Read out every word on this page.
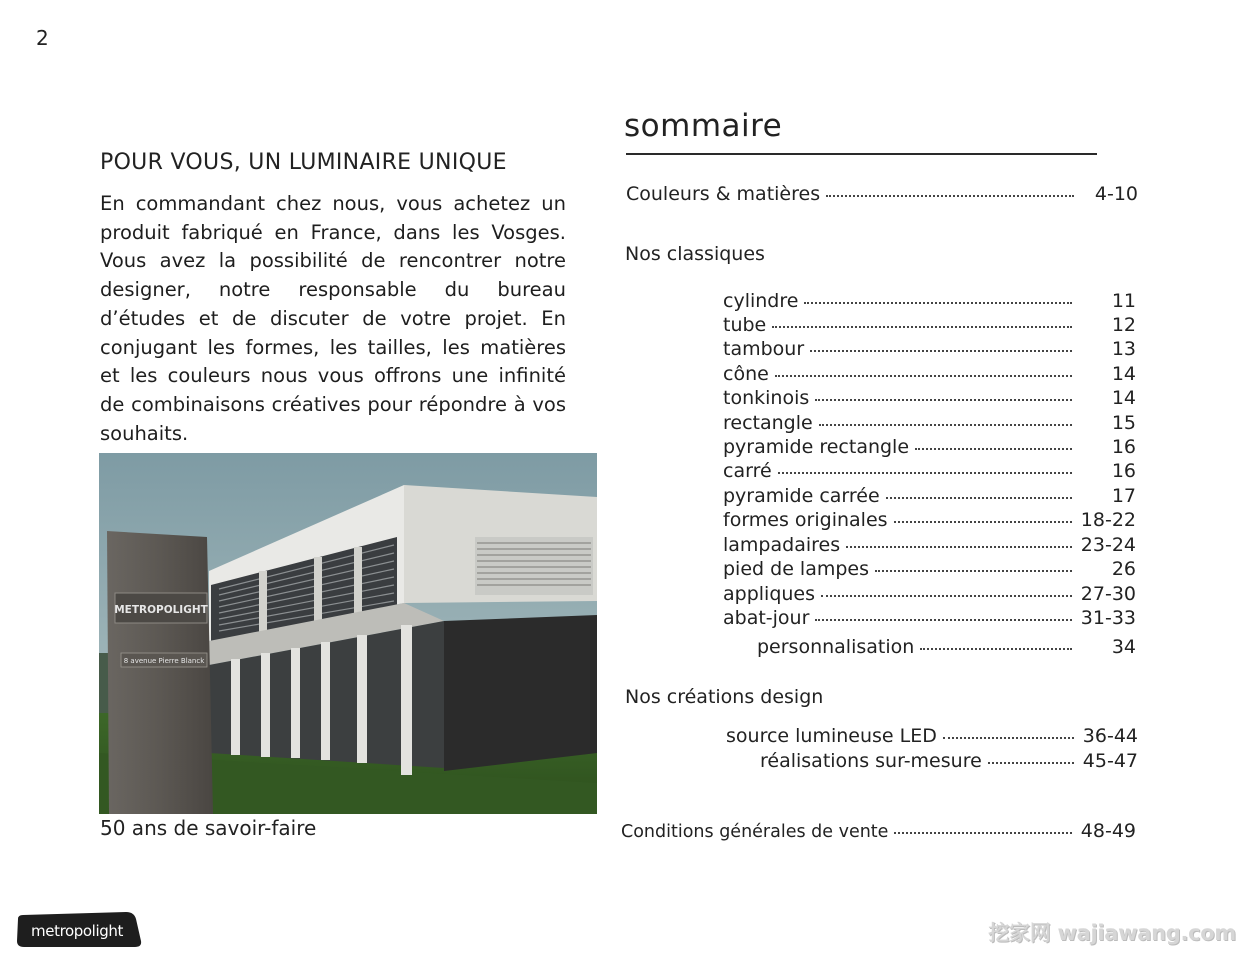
2
POUR VOUS, UN LUMINAIRE UNIQUE
En commandant chez nous, vous achetez un produit fabriqué en France, dans les Vosges. Vous avez la possibilité de rencontrer notre designer, notre responsable du bureau d’études et de discuter de votre projet. En conjugant les formes, les tailles, les matières et les couleurs nous vous offrons une infinité de combinaisons créatives pour répondre à vos souhaits.
METROPOLIGHT
8 avenue Pierre Blanck
50 ans de savoir-faire
sommaire
Couleurs & matières	4-10
Nos classiques
cylindre	11
tube	12
tambour	13
cône	14
tonkinois	14
rectangle	15
pyramide rectangle	16
carré	16
pyramide carrée	17
formes originales	18-22
lampadaires	23-24
pied de lampes	26
appliques	27-30
abat-jour	31-33
personnalisation	34
Nos créations design
source lumineuse LED	36-44
réalisations sur-mesure	45-47
Conditions générales de vente	48-49
metropolight	挖家网 wajiawang.com
